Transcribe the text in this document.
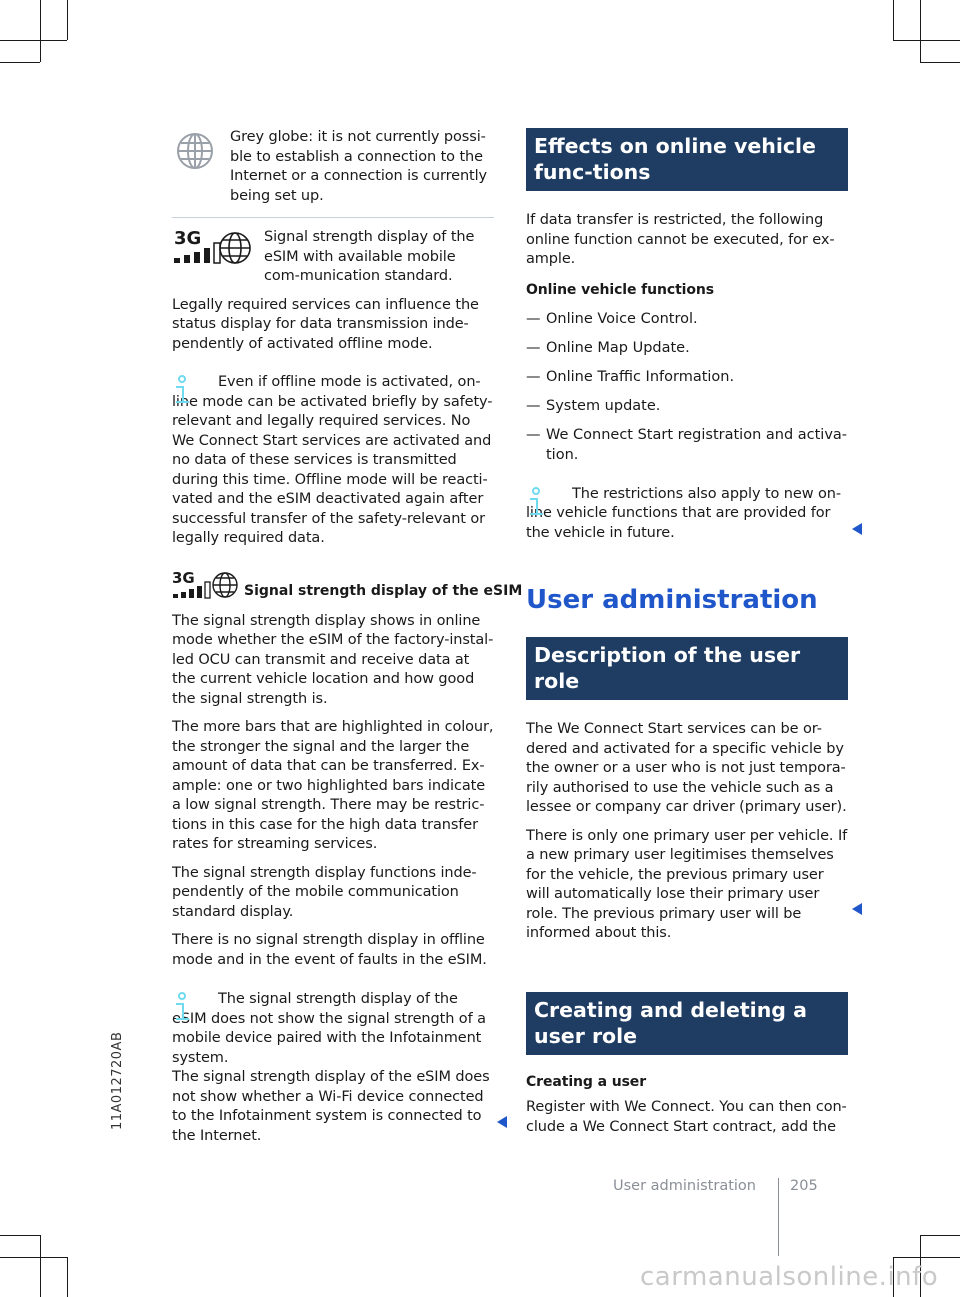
11A012720AB

Grey globe: it is not currently possi-ble to establish a connection to the Internet or a connection is currently being set up.

3G	Signal strength display of the eSIM with available mobile com-munication standard.

Legally required services can influence the status display for data transmission inde-pendently of activated offline mode.

Even if offline mode is activated, on-line mode can be activated briefly by safety-relevant and legally required services. No We Connect Start services are activated and no data of these services is transmitted during this time. Offline mode will be reacti-vated and the eSIM deactivated again after successful transfer of the safety-relevant or legally required data.

3G
Signal strength display of the eSIM

The signal strength display shows in online mode whether the eSIM of the factory-instal-led OCU can transmit and receive data at the current vehicle location and how good the signal strength is.

The more bars that are highlighted in colour, the stronger the signal and the larger the amount of data that can be transferred. Ex-ample: one or two highlighted bars indicate a low signal strength. There may be restric-tions in this case for the high data transfer rates for streaming services.

The signal strength display functions inde-pendently of the mobile communication standard display.

There is no signal strength display in offline mode and in the event of faults in the eSIM.

The signal strength display of the eSIM does not show the signal strength of a mobile device paired with the Infotainment system.

The signal strength display of the eSIM does not show whether a Wi-Fi device connected to the Infotainment system is connected to the Internet.

Effects on online vehicle func-tions

If data transfer is restricted, the following online function cannot be executed, for ex-ample.

Online vehicle functions

— Online Voice Control.
— Online Map Update.
— Online Traffic Information.
— System update.
— We Connect Start registration and activa-tion.

The restrictions also apply to new on-line vehicle functions that are provided for the vehicle in future.

User administration
Description of the user role

The We Connect Start services can be or-dered and activated for a specific vehicle by the owner or a user who is not just tempora-rily authorised to use the vehicle such as a lessee or company car driver (primary user).

There is only one primary user per vehicle. If a new primary user legitimises themselves for the vehicle, the previous primary user will automatically lose their primary user role. The previous primary user will be informed about this.

Creating and deleting a user role

Creating a user

Register with We Connect. You can then con-clude a We Connect Start contract, add the

User administration 205
carmanualsonline.info
